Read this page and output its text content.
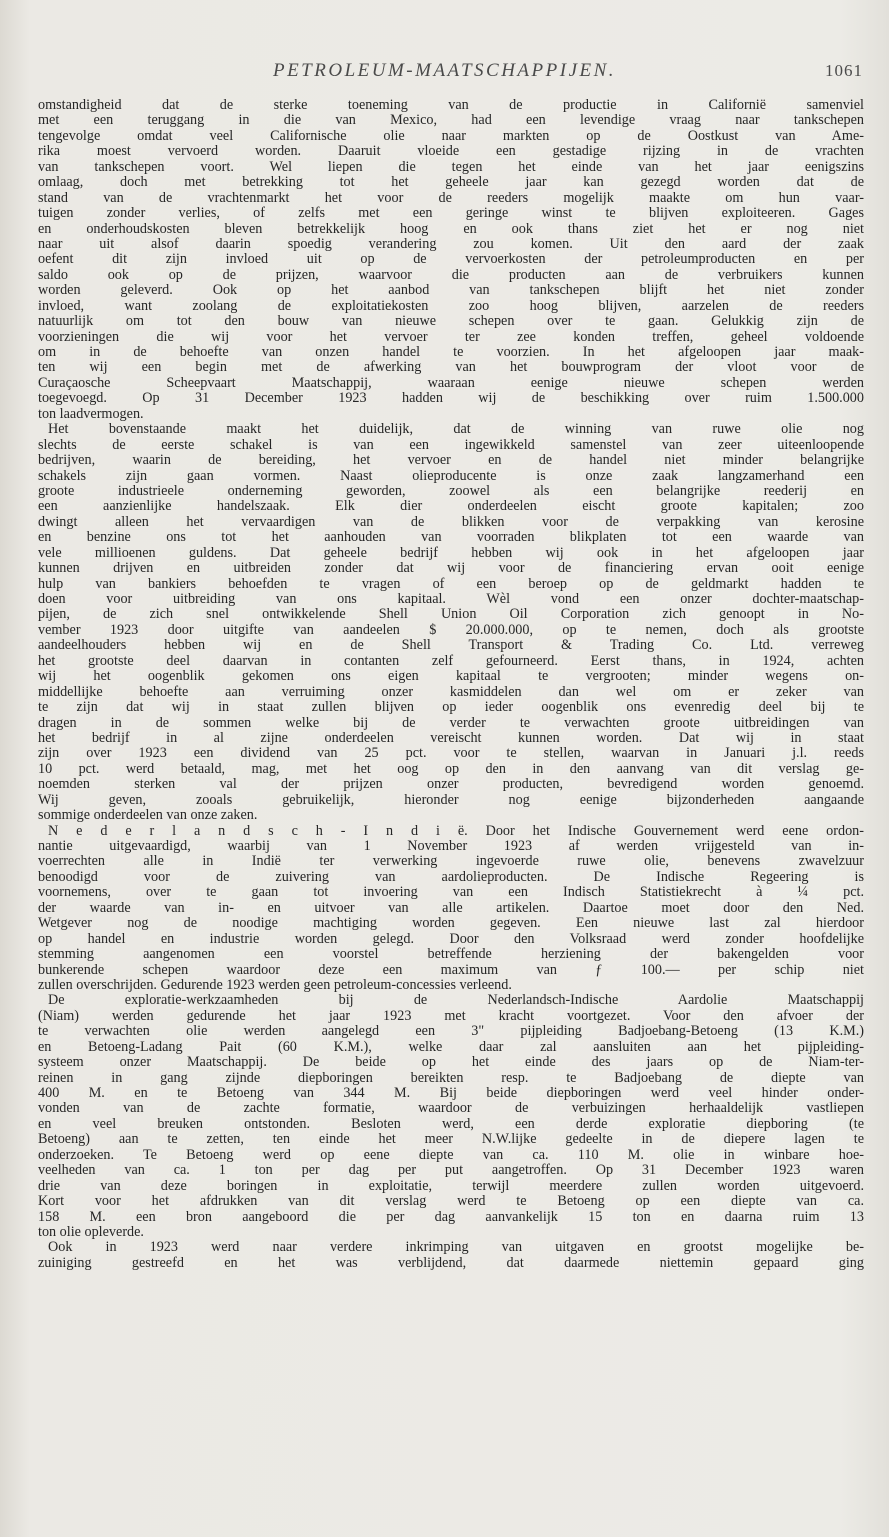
PETROLEUM-MAATSCHAPPIJEN.	1061
omstandigheid dat de sterke toeneming van de productie in Californië samenviel
met een teruggang in die van Mexico, had een levendige vraag naar tankschepen
tengevolge omdat veel Californische olie naar markten op de Oostkust van Ame-
rika moest vervoerd worden. Daaruit vloeide een gestadige rijzing in de vrachten
van tankschepen voort. Wel liepen die tegen het einde van het jaar eenigszins
omlaag, doch met betrekking tot het geheele jaar kan gezegd worden dat de
stand van de vrachtenmarkt het voor de reeders mogelijk maakte om hun vaar-
tuigen zonder verlies, of zelfs met een geringe winst te blijven exploiteeren. Gages
en onderhoudskosten bleven betrekkelijk hoog en ook thans ziet het er nog niet
naar uit alsof daarin spoedig verandering zou komen. Uit den aard der zaak
oefent dit zijn invloed uit op de vervoerkosten der petroleumproducten en per
saldo ook op de prijzen, waarvoor die producten aan de verbruikers kunnen
worden geleverd. Ook op het aanbod van tankschepen blijft het niet zonder
invloed, want zoolang de exploitatiekosten zoo hoog blijven, aarzelen de reeders
natuurlijk om tot den bouw van nieuwe schepen over te gaan. Gelukkig zijn de
voorzieningen die wij voor het vervoer ter zee konden treffen, geheel voldoende
om in de behoefte van onzen handel te voorzien. In het afgeloopen jaar maak-
ten wij een begin met de afwerking van het bouwprogram der vloot voor de
Curaçaosche Scheepvaart Maatschappij, waaraan eenige nieuwe schepen werden
toegevoegd. Op 31 December 1923 hadden wij de beschikking over ruim 1.500.000
ton laadvermogen.
Het bovenstaande maakt het duidelijk, dat de winning van ruwe olie nog
slechts de eerste schakel is van een ingewikkeld samenstel van zeer uiteenloopende
bedrijven, waarin de bereiding, het vervoer en de handel niet minder belangrijke
schakels zijn gaan vormen. Naast olieproducente is onze zaak langzamerhand een
groote industrieele onderneming geworden, zoowel als een belangrijke reederij en
een aanzienlijke handelszaak. Elk dier onderdeelen eischt groote kapitalen; zoo
dwingt alleen het vervaardigen van de blikken voor de verpakking van kerosine
en benzine ons tot het aanhouden van voorraden blikplaten tot een waarde van
vele millioenen guldens. Dat geheele bedrijf hebben wij ook in het afgeloopen jaar
kunnen drijven en uitbreiden zonder dat wij voor de financiering ervan ooit eenige
hulp van bankiers behoefden te vragen of een beroep op de geldmarkt hadden te
doen voor uitbreiding van ons kapitaal. Wèl vond een onzer dochter-maatschap-
pijen, de zich snel ontwikkelende Shell Union Oil Corporation zich genoopt in No-
vember 1923 door uitgifte van aandeelen $ 20.000.000, op te nemen, doch als grootste
aandeelhouders hebben wij en de Shell Transport & Trading Co. Ltd. verreweg
het grootste deel daarvan in contanten zelf gefourneerd. Eerst thans, in 1924, achten
wij het oogenblik gekomen ons eigen kapitaal te vergrooten; minder wegens on-
middellijke behoefte aan verruiming onzer kasmiddelen dan wel om er zeker van
te zijn dat wij in staat zullen blijven op ieder oogenblik ons evenredig deel bij te
dragen in de sommen welke bij de verder te verwachten groote uitbreidingen van
het bedrijf in al zijne onderdeelen vereischt kunnen worden. Dat wij in staat
zijn over 1923 een dividend van 25 pct. voor te stellen, waarvan in Januari j.l. reeds
10 pct. werd betaald, mag, met het oog op den in den aanvang van dit verslag ge-
noemden sterken val der prijzen onzer producten, bevredigend worden genoemd.
Wij geven, zooals gebruikelijk, hieronder nog eenige bijzonderheden aangaande
sommige onderdeelen van onze zaken.
N e d e r l a n d s c h - I n d i ë. Door het Indische Gouvernement werd eene ordon-
nantie uitgevaardigd, waarbij van 1 November 1923 af werden vrijgesteld van in-
voerrechten alle in Indië ter verwerking ingevoerde ruwe olie, benevens zwavelzuur
benoodigd voor de zuivering van aardolieproducten. De Indische Regeering is
voornemens, over te gaan tot invoering van een Indisch Statistiekrecht à ¼ pct.
der waarde van in- en uitvoer van alle artikelen. Daartoe moet door den Ned.
Wetgever nog de noodige machtiging worden gegeven. Een nieuwe last zal hierdoor
op handel en industrie worden gelegd. Door den Volksraad werd zonder hoofdelijke
stemming aangenomen een voorstel betreffende herziening der bakengelden voor
bunkerende schepen waardoor deze een maximum van ƒ 100.— per schip niet
zullen overschrijden. Gedurende 1923 werden geen petroleum-concessies verleend.
De exploratie-werkzaamheden bij de Nederlandsch-Indische Aardolie Maatschappij
(Niam) werden gedurende het jaar 1923 met kracht voortgezet. Voor den afvoer der
te verwachten olie werden aangelegd een 3" pijpleiding Badjoebang-Betoeng (13 K.M.)
en Betoeng-Ladang Pait (60 K.M.), welke daar zal aansluiten aan het pijpleiding-
systeem onzer Maatschappij. De beide op het einde des jaars op de Niam-ter-
reinen in gang zijnde diepboringen bereikten resp. te Badjoebang de diepte van
400 M. en te Betoeng van 344 M. Bij beide diepboringen werd veel hinder onder-
vonden van de zachte formatie, waardoor de verbuizingen herhaaldelijk vastliepen
en veel breuken ontstonden. Besloten werd, een derde exploratie diepboring (te
Betoeng) aan te zetten, ten einde het meer N.W.lijke gedeelte in de diepere lagen te
onderzoeken. Te Betoeng werd op eene diepte van ca. 110 M. olie in winbare hoe-
veelheden van ca. 1 ton per dag per put aangetroffen. Op 31 December 1923 waren
drie van deze boringen in exploitatie, terwijl meerdere zullen worden uitgevoerd.
Kort voor het afdrukken van dit verslag werd te Betoeng op een diepte van ca.
158 M. een bron aangeboord die per dag aanvankelijk 15 ton en daarna ruim 13
ton olie opleverde.
Ook in 1923 werd naar verdere inkrimping van uitgaven en grootst mogelijke be-
zuiniging gestreefd en het was verblijdend, dat daarmede niettemin gepaard ging
